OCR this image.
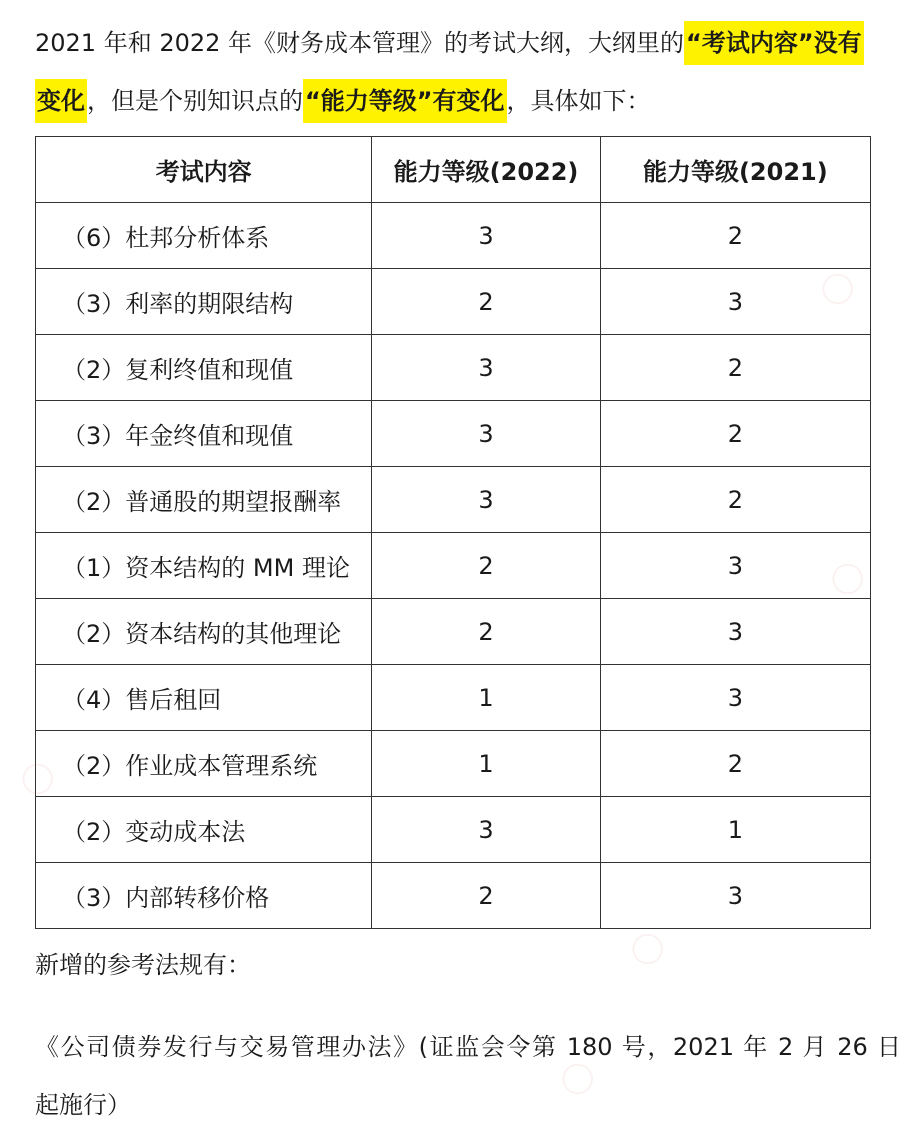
2021 年和 2022 年《财务成本管理》的考试大纲，大纲里的“考试内容”没有
变化，但是个别知识点的“能力等级”有变化，具体如下：
考试内容	能力等级(2022)	能力等级(2021)
（6）杜邦分析体系	3	2
（3）利率的期限结构	2	3
（2）复利终值和现值	3	2
（3）年金终值和现值	3	2
（2）普通股的期望报酬率	3	2
（1）资本结构的 MM 理论	2	3
（2）资本结构的其他理论	2	3
（4）售后租回	1	3
（2）作业成本管理系统	1	2
（2）变动成本法	3	1
（3）内部转移价格	2	3
新增的参考法规有：
《公司债券发行与交易管理办法》(证监会令第 180 号，2021 年 2 月 26 日
起施行）
◯
◯
◯
◯
◯
